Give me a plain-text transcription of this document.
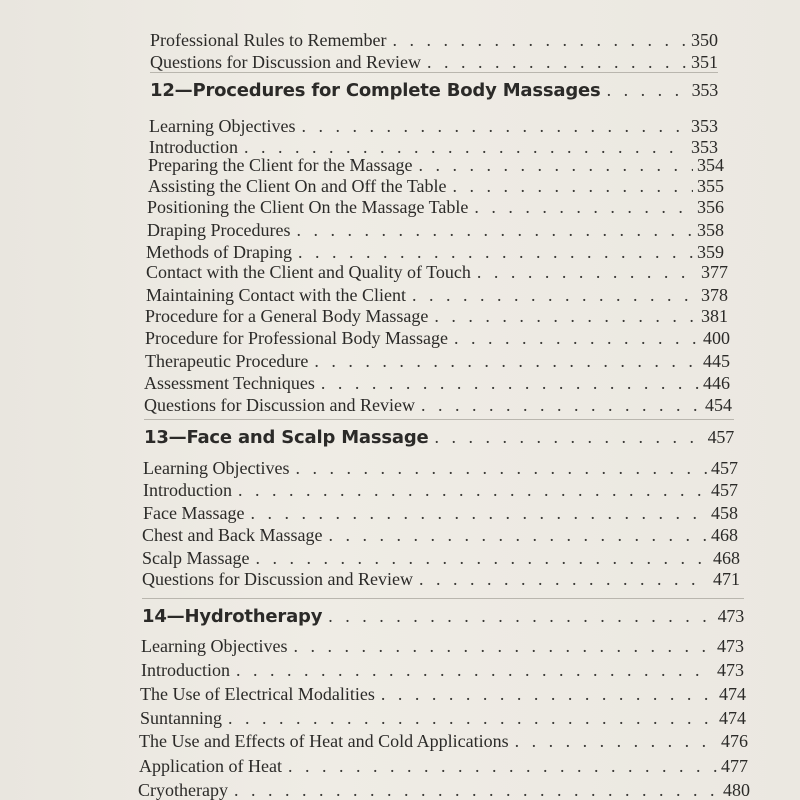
Professional Rules to Remember . . .	350
Questions for Discussion and Review . . .	351
12—Procedures for Complete Body Massages . . .	353
Learning Objectives . . .	353
Introduction . . .	353
Preparing the Client for the Massage . . .	354
Assisting the Client On and Off the Table . . .	355
Positioning the Client On the Massage Table . . .	356
Draping Procedures . . .	358
Methods of Draping . . .	359
Contact with the Client and Quality of Touch . . .	377
Maintaining Contact with the Client . . .	378
Procedure for a General Body Massage . . .	381
Procedure for Professional Body Massage . . .	400
Therapeutic Procedure . . .	445
Assessment Techniques . . .	446
Questions for Discussion and Review . . .	454
13—Face and Scalp Massage . . .	457
Learning Objectives . . .	457
Introduction . . .	457
Face Massage . . .	458
Chest and Back Massage . . .	468
Scalp Massage . . .	468
Questions for Discussion and Review . . .	471
14—Hydrotherapy . . .	473
Learning Objectives . . .	473
Introduction . . .	473
The Use of Electrical Modalities . . .	474
Suntanning . . .	474
The Use and Effects of Heat and Cold Applications . . .	476
Application of Heat . . .	477
Cryotherapy . . .	480
